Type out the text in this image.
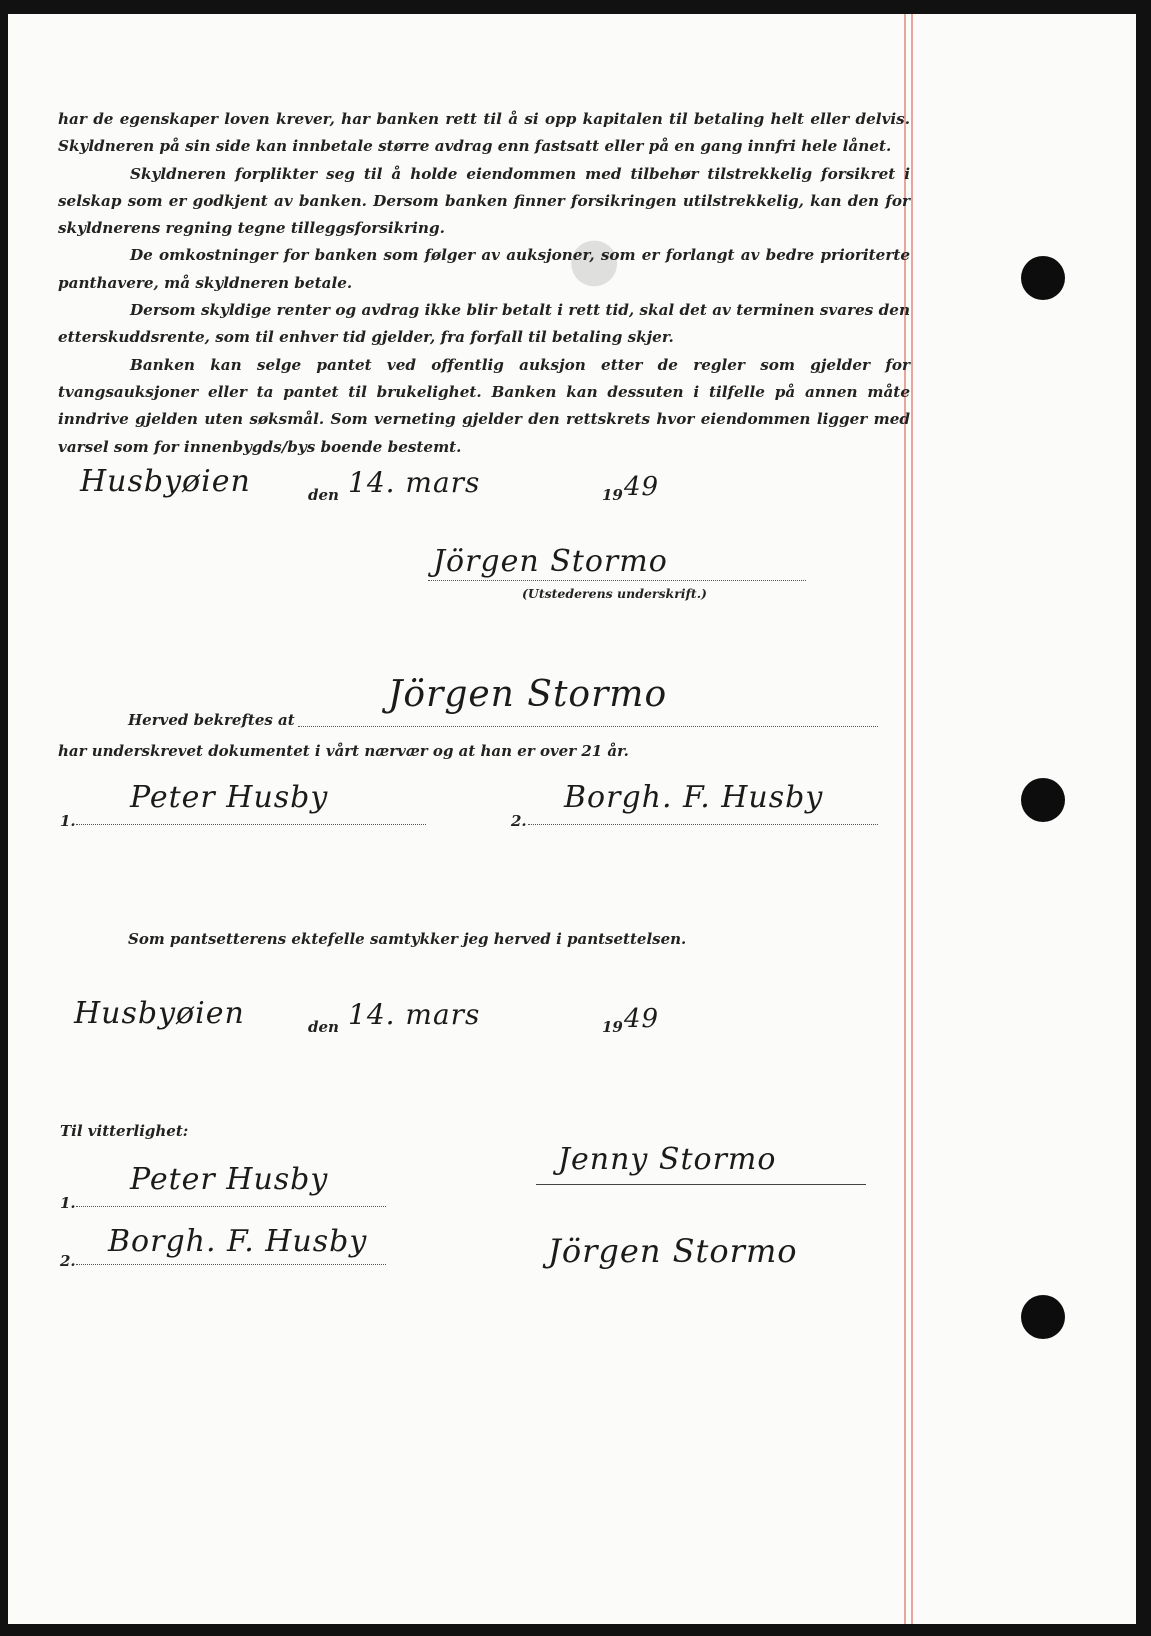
●

har de egenskaper loven krever, har banken rett til å si opp kapitalen til betaling helt eller delvis. Skyldneren på sin side kan innbetale større avdrag enn fastsatt eller på en gang innfri hele lånet.

Skyldneren forplikter seg til å holde eiendommen med tilbehør tilstrekkelig forsikret i selskap som er godkjent av banken. Dersom banken finner forsikringen utilstrekkelig, kan den for skyldnerens regning tegne tilleggsforsikring.

De omkostninger for banken som følger av auksjoner, som er forlangt av bedre prioriterte panthavere, må skyldneren betale.

Dersom skyldige renter og avdrag ikke blir betalt i rett tid, skal det av terminen svares den etterskuddsrente, som til enhver tid gjelder, fra forfall til betaling skjer.

Banken kan selge pantet ved offentlig auksjon etter de regler som gjelder for tvangsauksjoner eller ta pantet til brukelighet. Banken kan dessuten i tilfelle på annen måte inndrive gjelden uten søksmål. Som verneting gjelder den rettskrets hvor eiendommen ligger med varsel som for innenbygds/bys boende bestemt.

Husbyøien	den 14. mars	19 49
Jörgen Stormo
(Utstederens underskrift.)
Herved bekreftes at
Jörgen Stormo
har underskrevet dokumentet i vårt nærvær og at han er over 21 år.
1.
Peter Husby
2.
Borgh. F. Husby
Som pantsetterens ektefelle samtykker jeg herved i pantsettelsen.
Husbyøien	den 14. mars	19 49
Til vitterlighet:
1.
Peter Husby
2.
Borgh. F. Husby
Jenny Stormo
Jörgen Stormo
